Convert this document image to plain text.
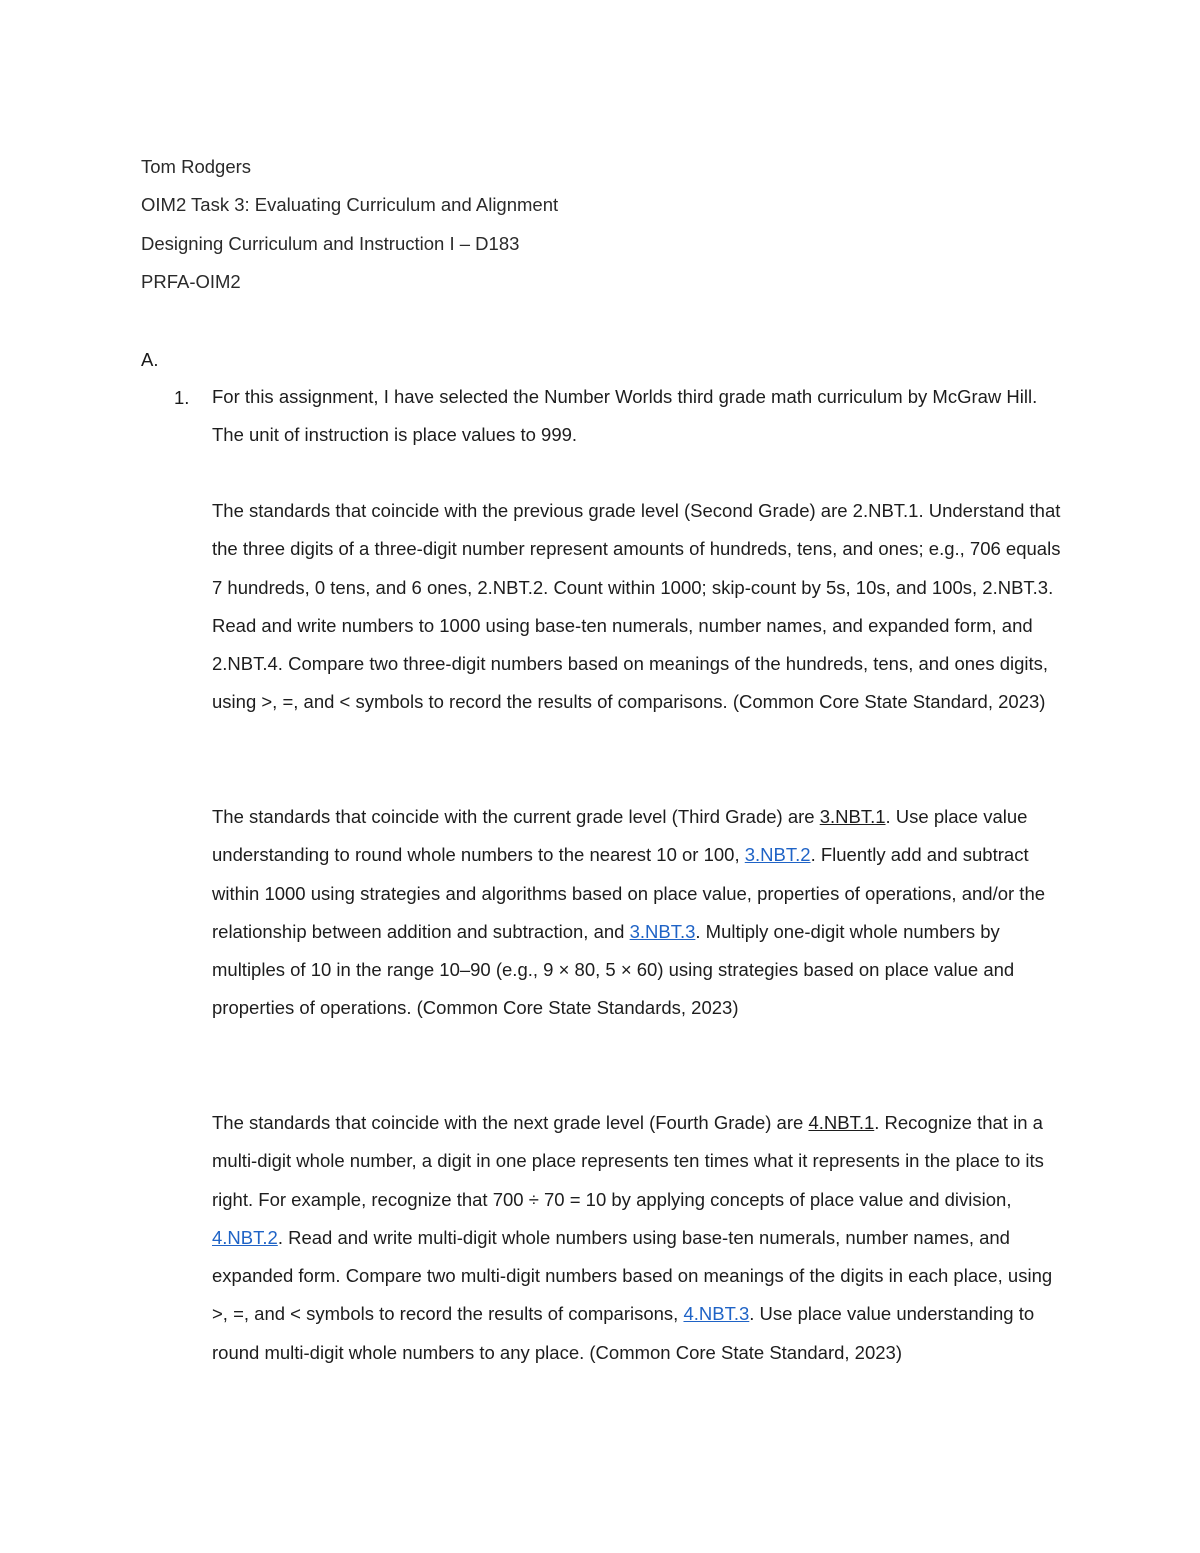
Tom Rodgers
OIM2 Task 3: Evaluating Curriculum and Alignment
Designing Curriculum and Instruction I – D183
PRFA-OIM2
A.
1. For this assignment, I have selected the Number Worlds third grade math curriculum by McGraw Hill. The unit of instruction is place values to 999.
The standards that coincide with the previous grade level (Second Grade) are 2.NBT.1. Understand that the three digits of a three-digit number represent amounts of hundreds, tens, and ones; e.g., 706 equals 7 hundreds, 0 tens, and 6 ones, 2.NBT.2. Count within 1000; skip-count by 5s, 10s, and 100s, 2.NBT.3. Read and write numbers to 1000 using base-ten numerals, number names, and expanded form, and 2.NBT.4. Compare two three-digit numbers based on meanings of the hundreds, tens, and ones digits, using >, =, and < symbols to record the results of comparisons. (Common Core State Standard, 2023)
The standards that coincide with the current grade level (Third Grade) are 3.NBT.1. Use place value understanding to round whole numbers to the nearest 10 or 100, 3.NBT.2. Fluently add and subtract within 1000 using strategies and algorithms based on place value, properties of operations, and/or the relationship between addition and subtraction, and 3.NBT.3. Multiply one-digit whole numbers by multiples of 10 in the range 10–90 (e.g., 9 × 80, 5 × 60) using strategies based on place value and properties of operations. (Common Core State Standards, 2023)
The standards that coincide with the next grade level (Fourth Grade) are 4.NBT.1. Recognize that in a multi-digit whole number, a digit in one place represents ten times what it represents in the place to its right. For example, recognize that 700 ÷ 70 = 10 by applying concepts of place value and division, 4.NBT.2. Read and write multi-digit whole numbers using base-ten numerals, number names, and expanded form. Compare two multi-digit numbers based on meanings of the digits in each place, using >, =, and < symbols to record the results of comparisons, 4.NBT.3. Use place value understanding to round multi-digit whole numbers to any place. (Common Core State Standard, 2023)
